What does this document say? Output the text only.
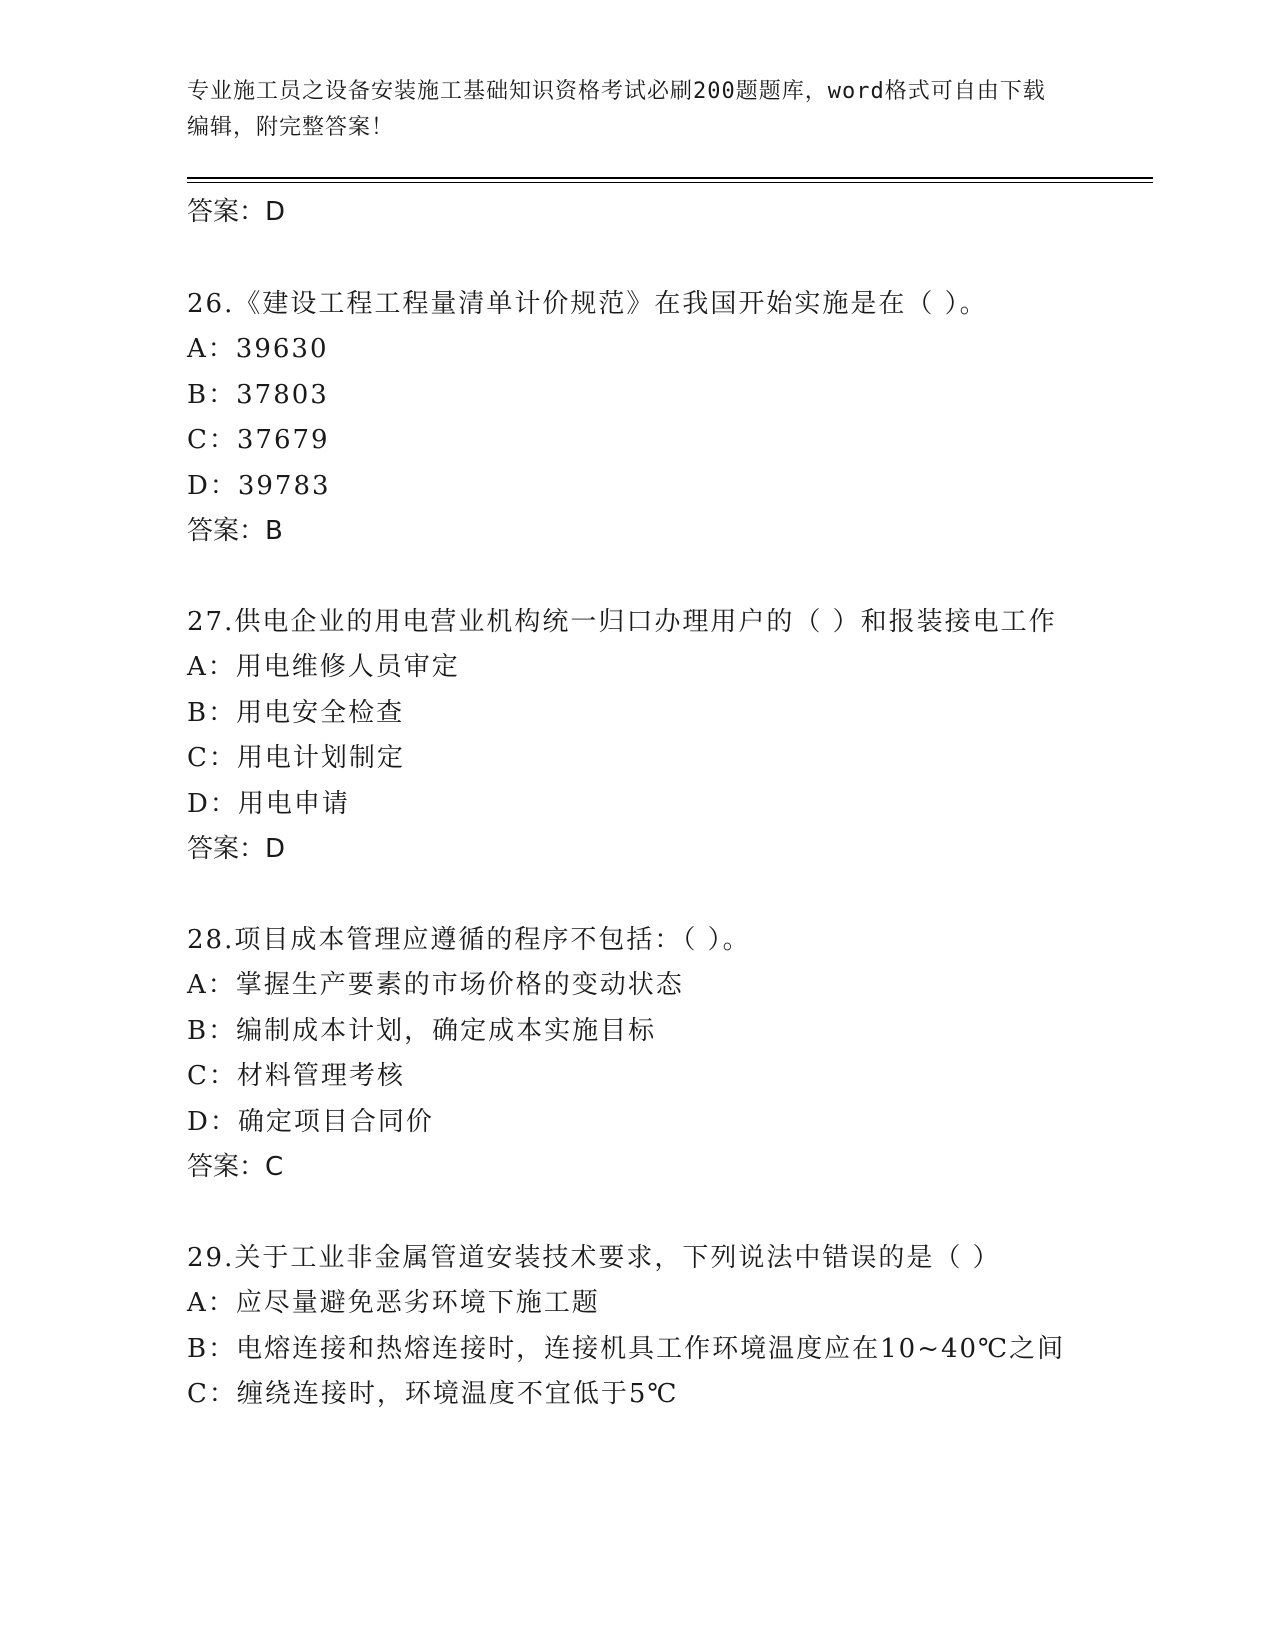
专业施工员之设备安装施工基础知识资格考试必刷200题题库，word格式可自由下载编辑，附完整答案！
答案：D
26.《建设工程工程量清单计价规范》在我国开始实施是在（ ）。
A：39630
B：37803
C：37679
D：39783
答案：B
27.供电企业的用电营业机构统一归口办理用户的（ ）和报装接电工作
A：用电维修人员审定
B：用电安全检查
C：用电计划制定
D：用电申请
答案：D
28.项目成本管理应遵循的程序不包括：（ ）。
A：掌握生产要素的市场价格的变动状态
B：编制成本计划，确定成本实施目标
C：材料管理考核
D：确定项目合同价
答案：C
29.关于工业非金属管道安装技术要求，下列说法中错误的是（ ）
A：应尽量避免恶劣环境下施工题
B：电熔连接和热熔连接时，连接机具工作环境温度应在10~40℃之间
C：缠绕连接时，环境温度不宜低于5℃
